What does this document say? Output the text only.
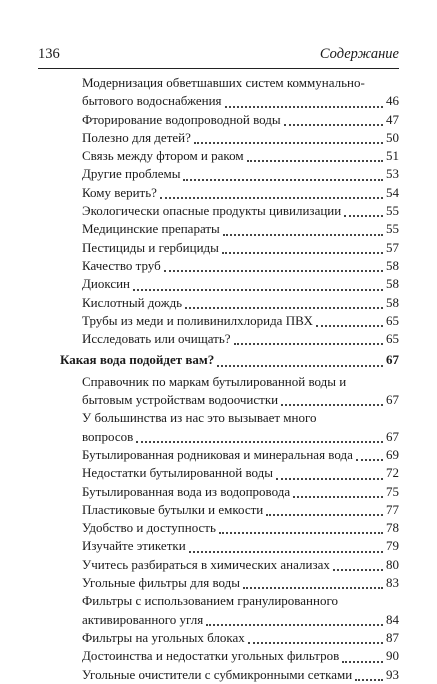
136	Содержание
Модернизация обветшавших систем коммунально-
бытового водоснабжения	46
Фторирование водопроводной воды	47
Полезно для детей?	50
Связь между фтором и раком	51
Другие проблемы	53
Кому верить?	54
Экологически опасные продукты цивилизации	55
Медицинские препараты	55
Пестициды и гербициды	57
Качество труб	58
Диоксин	58
Кислотный дождь	58
Трубы из меди и поливинилхлорида ПВХ	65
Исследовать или очищать?	65
Какая вода подойдет вам?	67
Справочник по маркам бутылированной воды и
бытовым устройствам водоочистки	67
У большинства из нас это вызывает много
вопросов	67
Бутылированная родниковая и минеральная вода	69
Недостатки бутылированной воды	72
Бутылированная вода из водопровода	75
Пластиковые бутылки и емкости	77
Удобство и доступность	78
Изучайте этикетки	79
Учитесь разбираться в химических анализах	80
Угольные фильтры для воды	83
Фильтры с использованием гранулированного
активированного угля	84
Фильтры на угольных блоках	87
Достоинства и недостатки угольных фильтров	90
Угольные очистители с субмикронными сетками	93
